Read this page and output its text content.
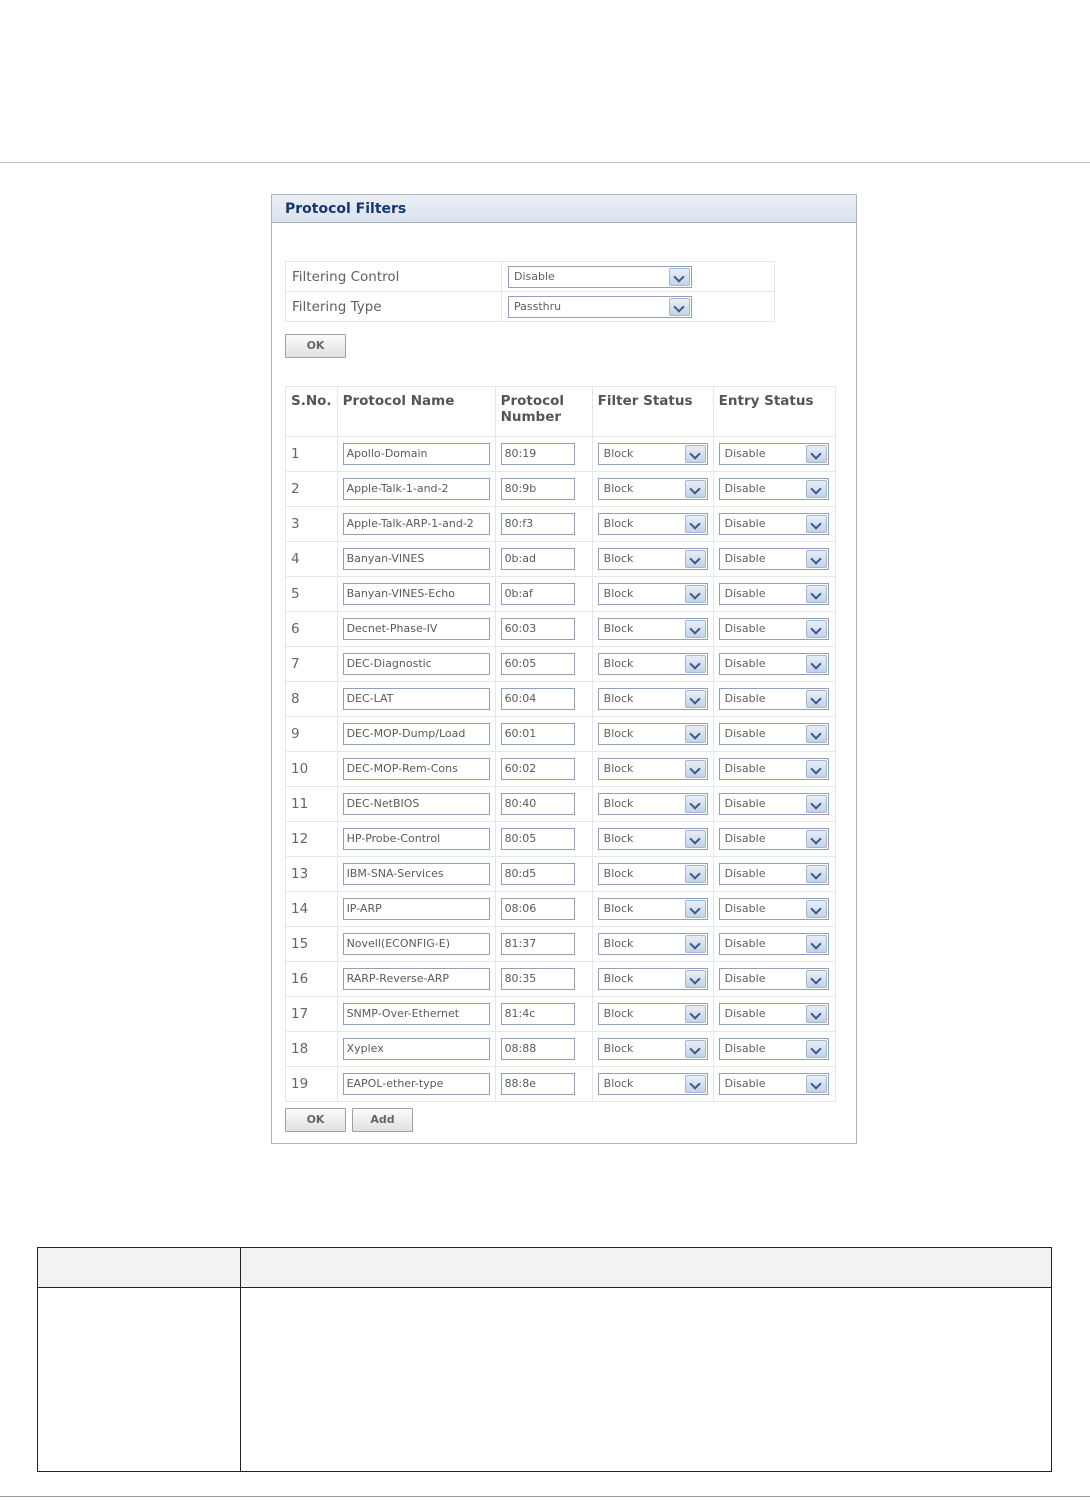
Protocol Filters
Filtering Control	Disable

Filtering Type	Passthru
OK
S.No.	Protocol Name	Protocol Number	Filter Status	Entry Status
1	Apollo-Domain	80:19	Block	Disable

2	Apple-Talk-1-and-2	80:9b	Block	Disable

3	Apple-Talk-ARP-1-and-2	80:f3	Block	Disable

4	Banyan-VINES	0b:ad	Block	Disable

5	Banyan-VINES-Echo	0b:af	Block	Disable

6	Decnet-Phase-IV	60:03	Block	Disable

7	DEC-Diagnostic	60:05	Block	Disable

8	DEC-LAT	60:04	Block	Disable

9	DEC-MOP-Dump/Load	60:01	Block	Disable

10	DEC-MOP-Rem-Cons	60:02	Block	Disable

11	DEC-NetBIOS	80:40	Block	Disable

12	HP-Probe-Control	80:05	Block	Disable

13	IBM-SNA-Services	80:d5	Block	Disable

14	IP-ARP	08:06	Block	Disable

15	Novell(ECONFIG-E)	81:37	Block	Disable

16	RARP-Reverse-ARP	80:35	Block	Disable

17	SNMP-Over-Ethernet	81:4c	Block	Disable

18	Xyplex	08:88	Block	Disable

19	EAPOL-ether-type	88:8e	Block	Disable
OK	Add
